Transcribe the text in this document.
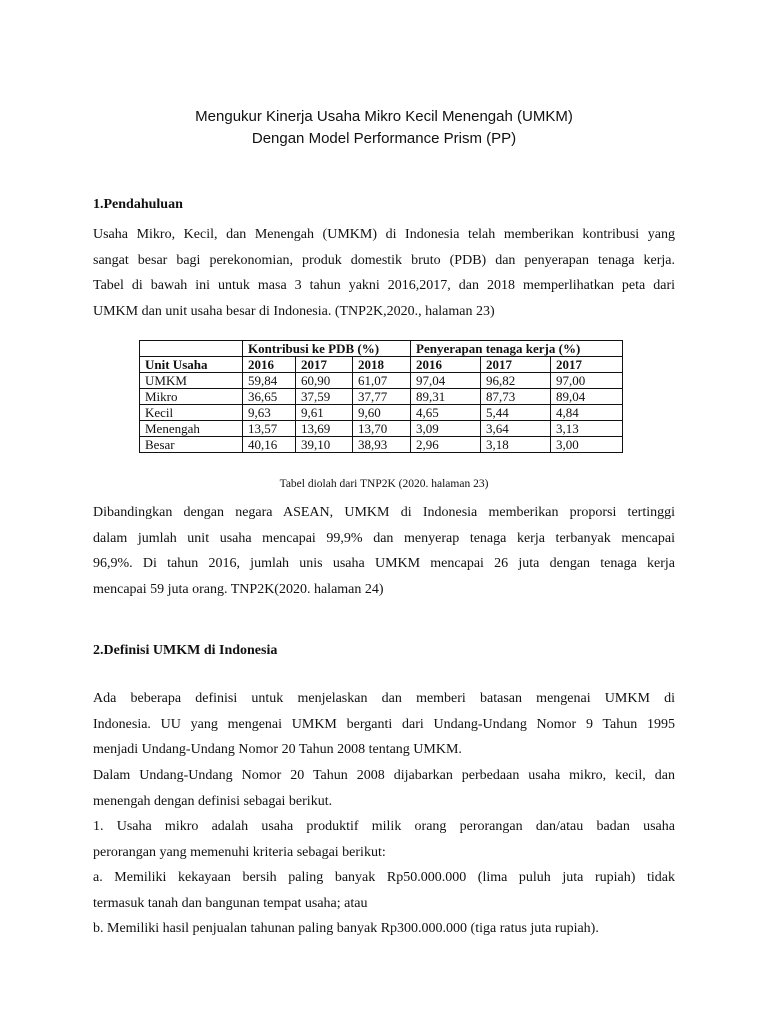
Mengukur Kinerja Usaha Mikro Kecil Menengah (UMKM)
Dengan Model Performance Prism (PP)
1.Pendahuluan
Usaha Mikro, Kecil, dan Menengah (UMKM) di Indonesia telah memberikan kontribusi yang
sangat besar bagi perekonomian, produk domestik bruto (PDB) dan penyerapan tenaga kerja.
Tabel di bawah ini untuk masa 3 tahun yakni 2016,2017, dan 2018 memperlihatkan peta dari
UMKM dan unit usaha besar di Indonesia. (TNP2K,2020., halaman 23)
	Kontribusi ke PDB (%)			Penyerapan tenaga kerja (%)		
Unit Usaha	2016	2017	2018	2016	2017	2017
UMKM	59,84	60,90	61,07	97,04	96,82	97,00
Mikro	36,65	37,59	37,77	89,31	87,73	89,04
Kecil	9,63	9,61	9,60	4,65	5,44	4,84
Menengah	13,57	13,69	13,70	3,09	3,64	3,13
Besar	40,16	39,10	38,93	2,96	3,18	3,00
Tabel diolah dari TNP2K (2020. halaman 23)
Dibandingkan dengan negara ASEAN, UMKM di Indonesia memberikan proporsi tertinggi
dalam jumlah unit usaha mencapai 99,9% dan menyerap tenaga kerja terbanyak mencapai
96,9%. Di tahun 2016, jumlah unis usaha UMKM mencapai 26 juta dengan tenaga kerja
mencapai 59 juta orang. TNP2K(2020. halaman 24)
2.Definisi UMKM di Indonesia
Ada beberapa definisi untuk menjelaskan dan memberi batasan mengenai UMKM di
Indonesia. UU yang mengenai UMKM berganti dari Undang-Undang Nomor 9 Tahun 1995
menjadi Undang-Undang Nomor 20 Tahun 2008 tentang UMKM.
Dalam Undang-Undang Nomor 20 Tahun 2008 dijabarkan perbedaan usaha mikro, kecil, dan
menengah dengan definisi sebagai berikut.
1. Usaha mikro adalah usaha produktif milik orang perorangan dan/atau badan usaha
perorangan yang memenuhi kriteria sebagai berikut:
a. Memiliki kekayaan bersih paling banyak Rp50.000.000 (lima puluh juta rupiah) tidak
termasuk tanah dan bangunan tempat usaha; atau
b. Memiliki hasil penjualan tahunan paling banyak Rp300.000.000 (tiga ratus juta rupiah).
